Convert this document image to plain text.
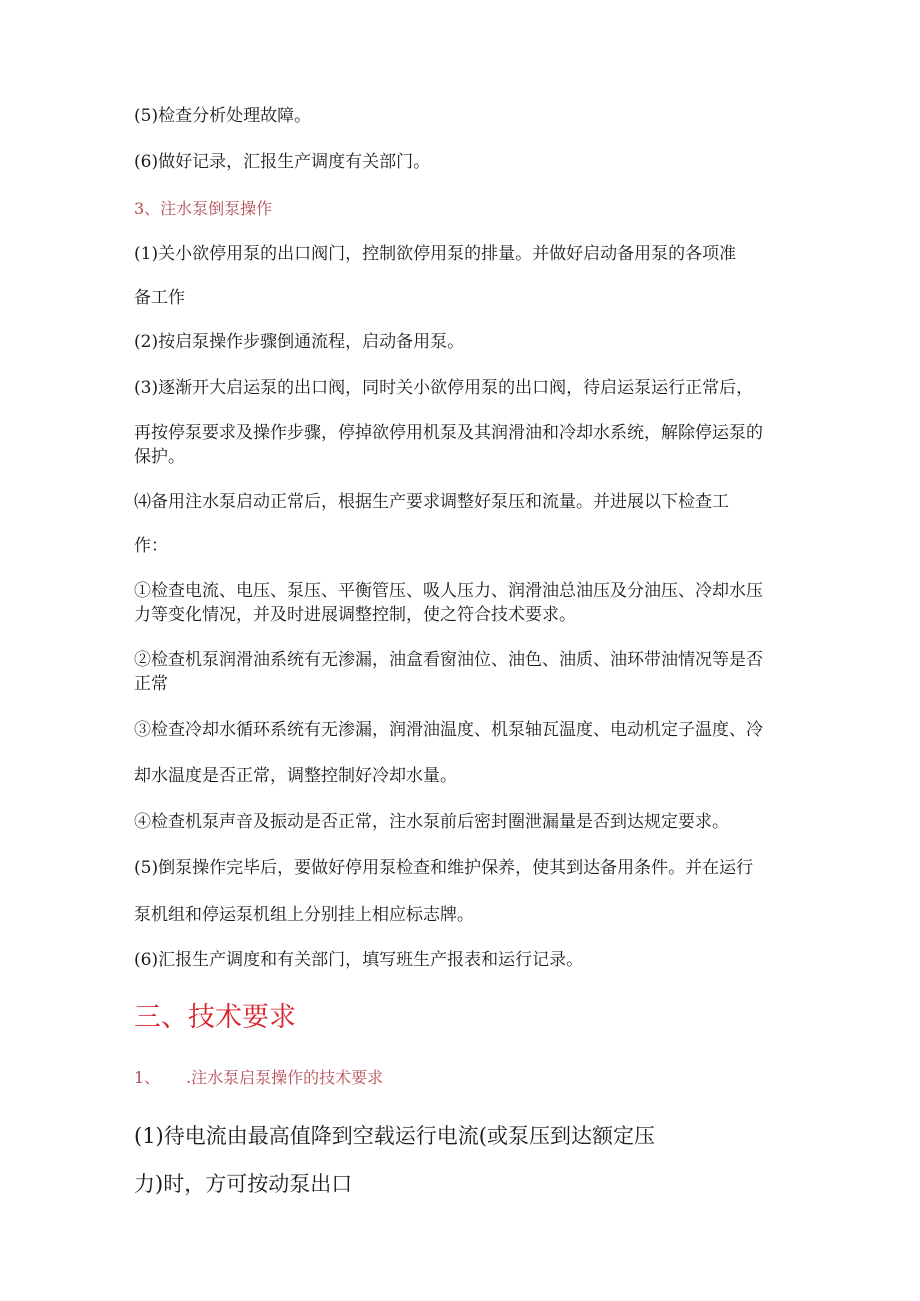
(5)检查分析处理故障。

(6)做好记录，汇报生产调度有关部门。

3、注水泵倒泵操作

(1)关小欲停用泵的出口阀门，控制欲停用泵的排量。并做好启动备用泵的各项准

备工作

(2)按启泵操作步骤倒通流程，启动备用泵。

(3)逐渐开大启运泵的出口阀，同时关小欲停用泵的出口阀，待启运泵运行正常后，

再按停泵要求及操作步骤，停掉欲停用机泵及其润滑油和冷却水系统，解除停运泵的保护。

⑷备用注水泵启动正常后，根据生产要求调整好泵压和流量。并进展以下检查工

作：

①检查电流、电压、泵压、平衡管压、吸人压力、润滑油总油压及分油压、冷却水压力等变化情况，并及时进展调整控制，使之符合技术要求。

②检查机泵润滑油系统有无渗漏，油盒看窗油位、油色、油质、油环带油情况等是否正常

③检查冷却水循环系统有无渗漏，润滑油温度、机泵轴瓦温度、电动机定子温度、冷

却水温度是否正常，调整控制好冷却水量。

④检查机泵声音及振动是否正常，注水泵前后密封圈泄漏量是否到达规定要求。

(5)倒泵操作完毕后，要做好停用泵检查和维护保养，使其到达备用条件。并在运行

泵机组和停运泵机组上分别挂上相应标志牌。

(6)汇报生产调度和有关部门，填写班生产报表和运行记录。

三、技术要求

1、 .注水泵启泵操作的技术要求

(1)待电流由最高值降到空载运行电流(或泵压到达额定压

力)时，方可按动泵出口
